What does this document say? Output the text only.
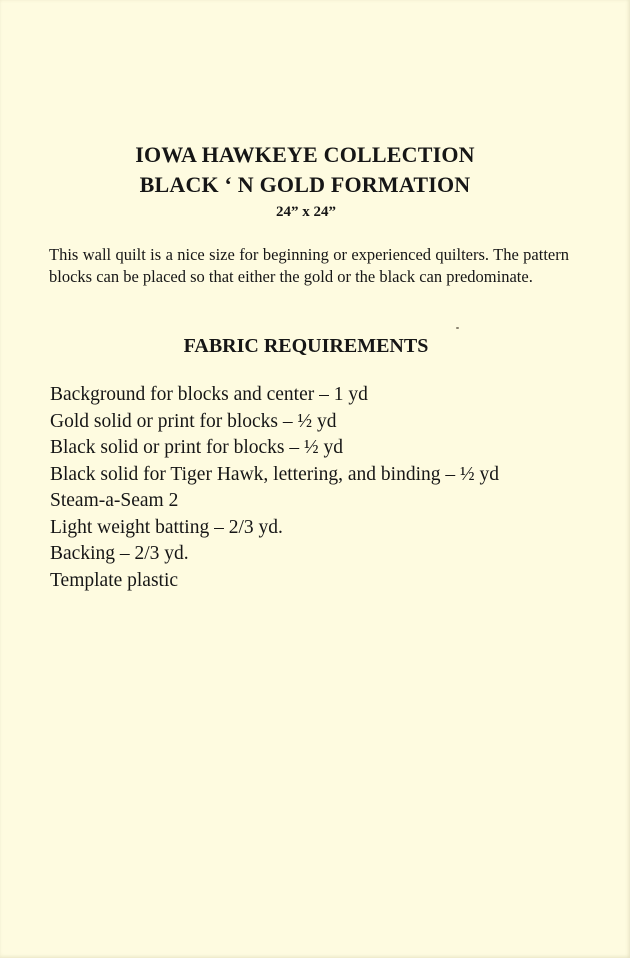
IOWA HAWKEYE COLLECTION
BLACK ‘ N GOLD FORMATION
24” x 24”

This wall quilt is a nice size for beginning or experienced quilters. The pattern blocks can be placed so that either the gold or the black can predominate.

FABRIC REQUIREMENTS
Background for blocks and center – 1 yd
Gold solid or print for blocks – ½ yd
Black solid or print for blocks – ½ yd
Black solid for Tiger Hawk, lettering, and binding – ½ yd
Steam-a-Seam 2
Light weight batting – 2/3 yd.
Backing – 2/3 yd.
Template plastic
